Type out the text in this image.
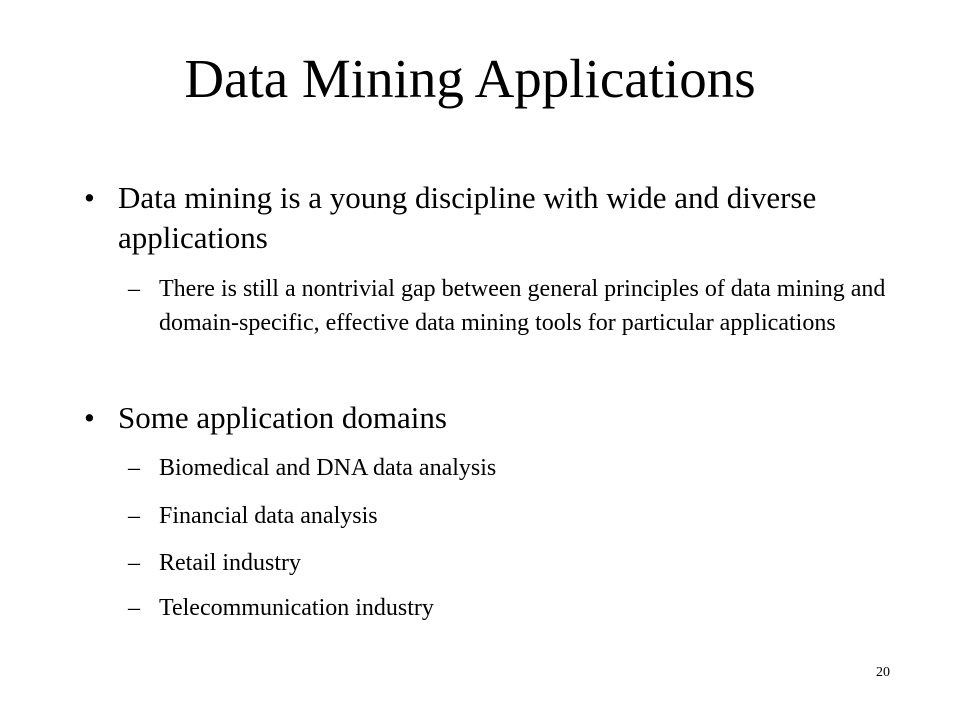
Data Mining Applications
• Data mining is a young discipline with wide and diverse applications
– There is still a nontrivial gap between general principles of data mining and domain-specific, effective data mining tools for particular applications
• Some application domains
– Biomedical and DNA data analysis
– Financial data analysis
– Retail industry
– Telecommunication industry
20
